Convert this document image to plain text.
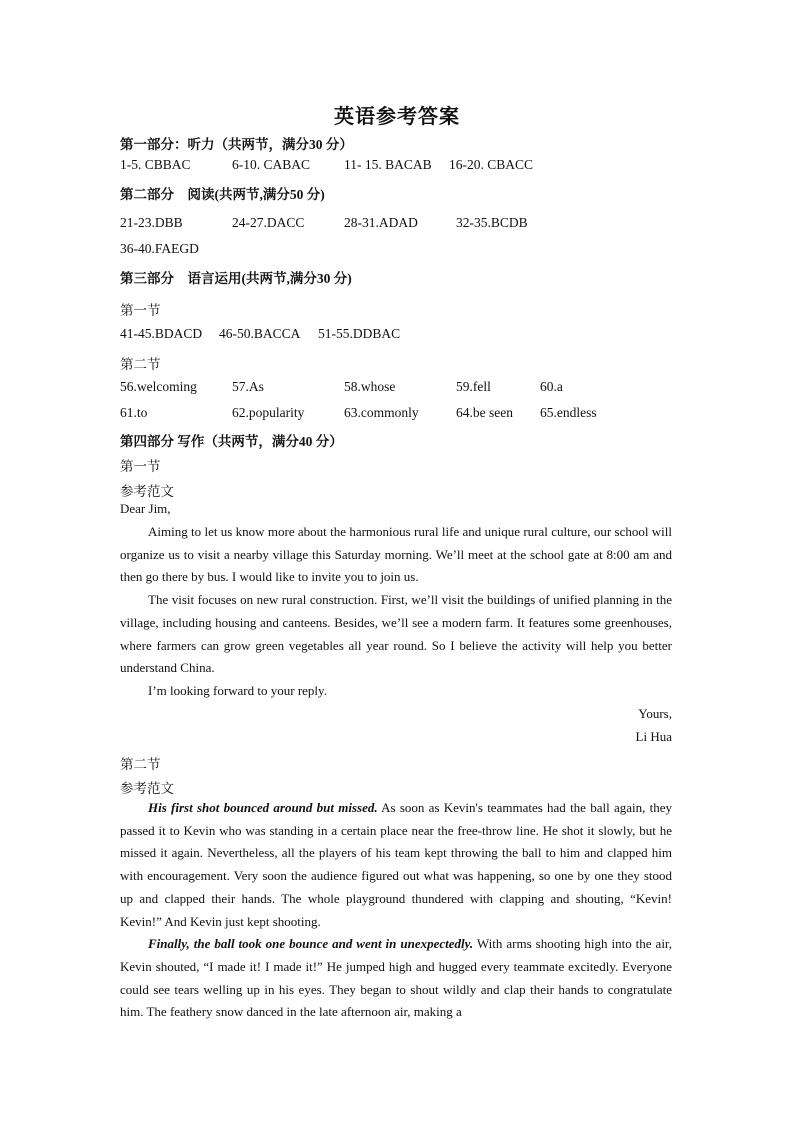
英语参考答案
第一部分：听力（共两节，满分30 分）
1-5. CBBAC	6-10. CABAC	11- 15. BACAB 16-20. CBACC
第二部分　阅读(共两节,满分50 分)
21-23.DBB	24-27.DACC	28-31.ADAD	32-35.BCDB
36-40.FAEGD
第三部分　语言运用(共两节,满分30 分)
第一节
41-45.BDACD 46-50.BACCA 51-55.DDBAC
第二节
56.welcoming	57.As	58.whose	59.fell	60.a
61.to	62.popularity	63.commonly	64.be seen 65.endless
第四部分 写作（共两节，满分40 分）
第一节
参考范文
Dear Jim,

Aiming to let us know more about the harmonious rural life and unique rural culture, our school will organize us to visit a nearby village this Saturday morning. We’ll meet at the school gate at 8:00 am and then go there by bus. I would like to invite you to join us.

The visit focuses on new rural construction. First, we’ll visit the buildings of unified planning in the village, including housing and canteens. Besides, we’ll see a modern farm. It features some greenhouses, where farmers can grow green vegetables all year round. So I believe the activity will help you better understand China.

I’m looking forward to your reply.

Yours,
Li Hua
第二节
参考范文

His first shot bounced around but missed. As soon as Kevin's teammates had the ball again, they passed it to Kevin who was standing in a certain place near the free-throw line. He shot it slowly, but he missed it again. Nevertheless, all the players of his team kept throwing the ball to him and clapped him with encouragement. Very soon the audience figured out what was happening, so one by one they stood up and clapped their hands. The whole playground thundered with clapping and shouting, “Kevin! Kevin!” And Kevin just kept shooting.

Finally, the ball took one bounce and went in unexpectedly. With arms shooting high into the air, Kevin shouted, “I made it! I made it!” He jumped high and hugged every teammate excitedly. Everyone could see tears welling up in his eyes. They began to shout wildly and clap their hands to congratulate him. The feathery snow danced in the late afternoon air, making a
